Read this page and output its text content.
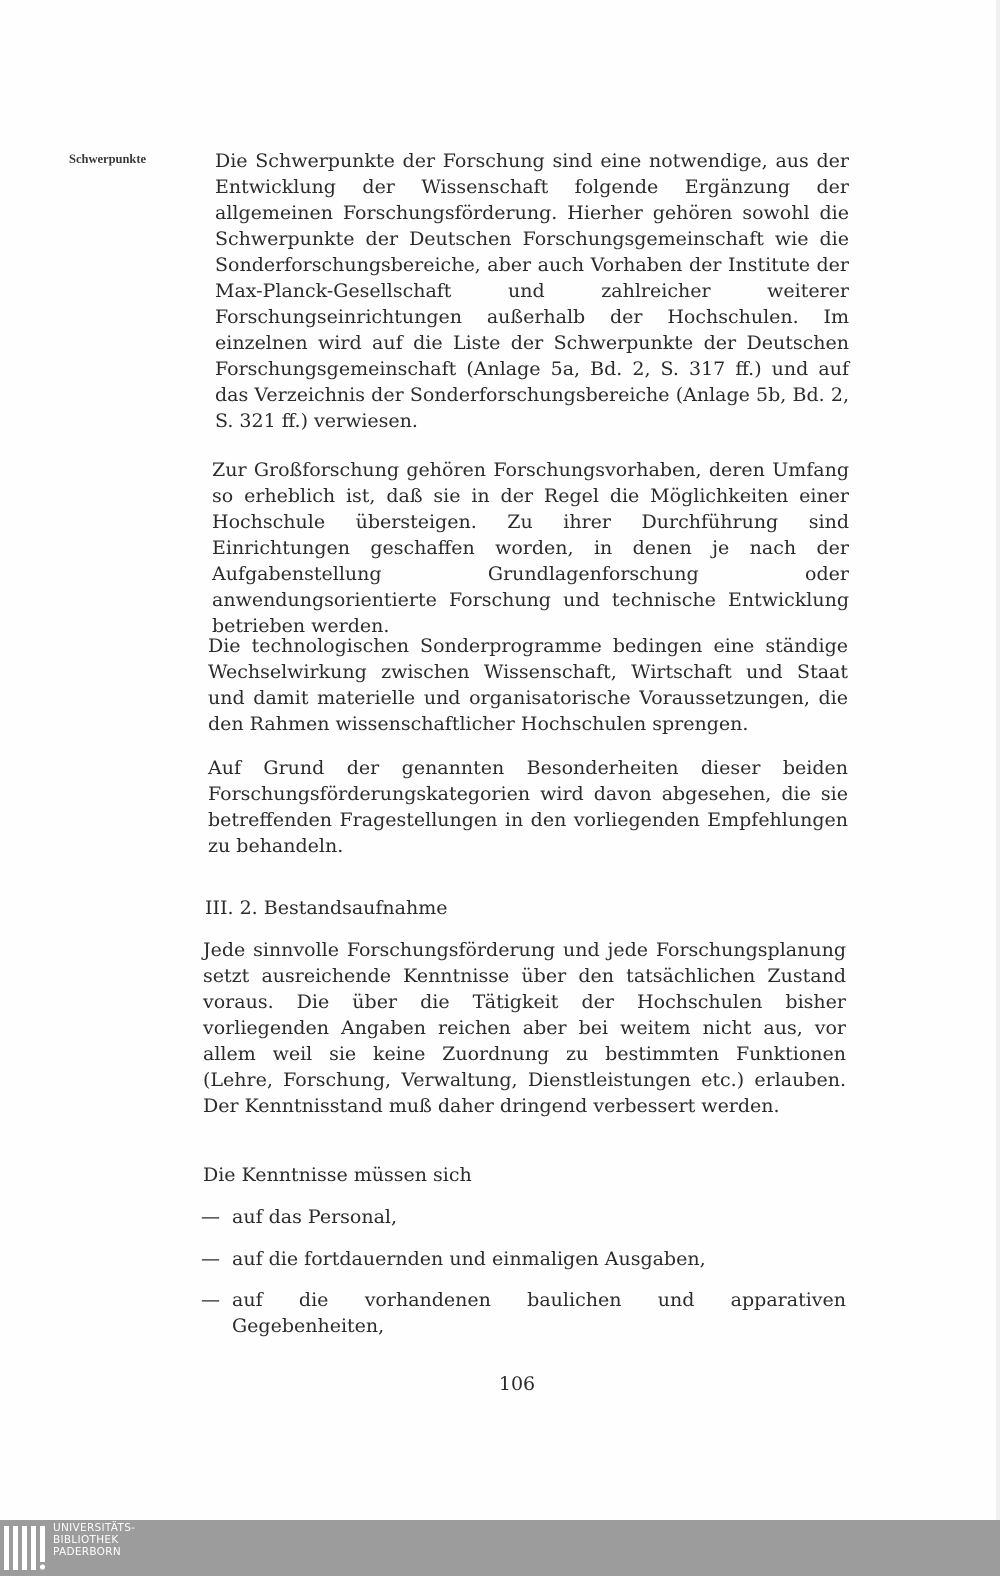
Schwerpunkte	Die Schwerpunkte der Forschung sind eine notwendige, aus der Entwicklung der Wissenschaft folgende Ergänzung der allgemeinen Forschungsförderung. Hierher gehören sowohl die Schwerpunkte der Deutschen Forschungsgemeinschaft wie die Sonderforschungsbereiche, aber auch Vorhaben der Institute der Max-Planck-Gesellschaft und zahlreicher weiterer Forschungseinrichtungen außerhalb der Hochschulen. Im einzelnen wird auf die Liste der Schwerpunkte der Deutschen Forschungsgemeinschaft (Anlage 5a, Bd. 2, S. 317 ff.) und auf das Verzeichnis der Sonderforschungsbereiche (Anlage 5b, Bd. 2, S. 321 ff.) verwiesen.

Zur Großforschung gehören Forschungsvorhaben, deren Umfang so erheblich ist, daß sie in der Regel die Möglichkeiten einer Hochschule übersteigen. Zu ihrer Durchführung sind Einrichtungen geschaffen worden, in denen je nach der Aufgabenstellung Grundlagenforschung oder anwendungsorientierte Forschung und technische Entwicklung betrieben werden.

Die technologischen Sonderprogramme bedingen eine ständige Wechselwirkung zwischen Wissenschaft, Wirtschaft und Staat und damit materielle und organisatorische Voraussetzungen, die den Rahmen wissenschaftlicher Hochschulen sprengen.

Auf Grund der genannten Besonderheiten dieser beiden Forschungsförderungskategorien wird davon abgesehen, die sie betreffenden Fragestellungen in den vorliegenden Empfehlungen zu behandeln.

III. 2. Bestandsaufnahme

Jede sinnvolle Forschungsförderung und jede Forschungsplanung setzt ausreichende Kenntnisse über den tatsächlichen Zustand voraus. Die über die Tätigkeit der Hochschulen bisher vorliegenden Angaben reichen aber bei weitem nicht aus, vor allem weil sie keine Zuordnung zu bestimmten Funktionen (Lehre, Forschung, Verwaltung, Dienstleistungen etc.) erlauben. Der Kenntnisstand muß daher dringend verbessert werden.

Die Kenntnisse müssen sich

— auf das Personal,
— auf die fortdauernden und einmaligen Ausgaben,
— auf die vorhandenen baulichen und apparativen Gegebenheiten,
106
UNIVERSITÄTS-
BIBLIOTHEK
PADERBORN
